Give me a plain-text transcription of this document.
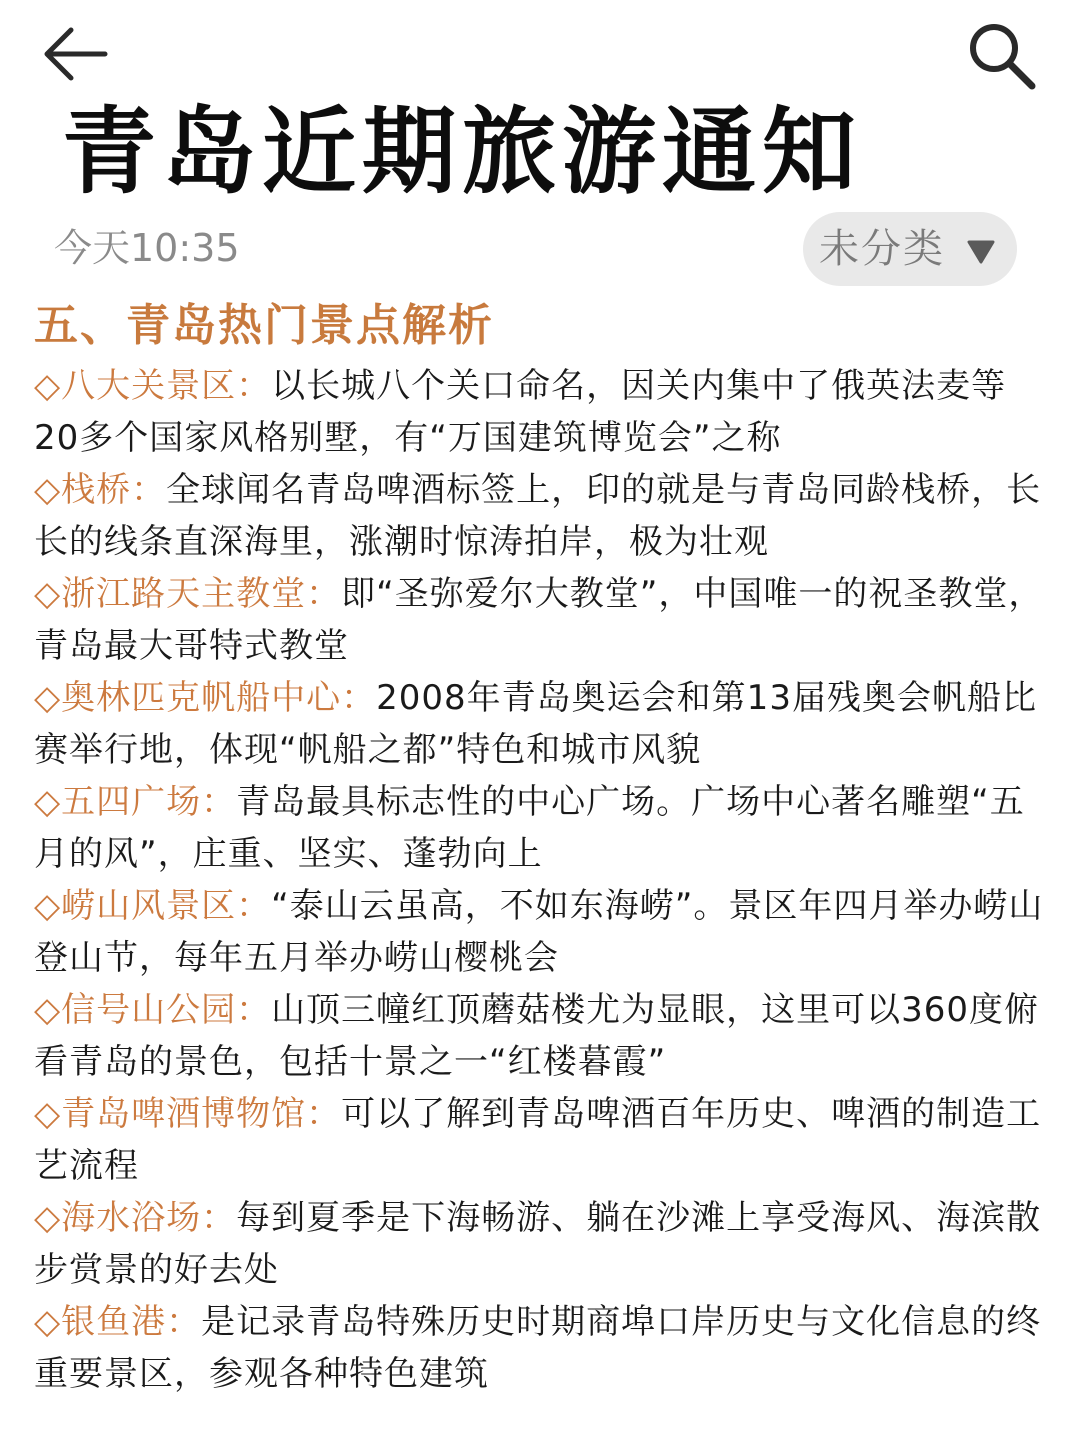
青岛近期旅游通知
今天10:35	未分类
五、青岛热门景点解析

◇八大关景区：以长城八个关口命名，因关内集中了俄英法麦等20多个国家风格别墅，有“万国建筑博览会”之称

◇栈桥：全球闻名青岛啤酒标签上，印的就是与青岛同龄栈桥，长长的线条直深海里，涨潮时惊涛拍岸，极为壮观

◇浙江路天主教堂：即“圣弥爱尔大教堂”，中国唯一的祝圣教堂，青岛最大哥特式教堂

◇奥林匹克帆船中心：2008年青岛奥运会和第13届残奥会帆船比赛举行地，体现“帆船之都”特色和城市风貌

◇五四广场：青岛最具标志性的中心广场。广场中心著名雕塑“五月的风”，庄重、坚实、蓬勃向上

◇崂山风景区：“泰山云虽高，不如东海崂”。景区年四月举办崂山登山节，每年五月举办崂山樱桃会

◇信号山公园：山顶三幢红顶蘑菇楼尤为显眼，这里可以360度俯看青岛的景色，包括十景之一“红楼暮霞”

◇青岛啤酒博物馆：可以了解到青岛啤酒百年历史、啤酒的制造工艺流程

◇海水浴场：每到夏季是下海畅游、躺在沙滩上享受海风、海滨散步赏景的好去处

◇银鱼港：是记录青岛特殊历史时期商埠口岸历史与文化信息的终重要景区，参观各种特色建筑
